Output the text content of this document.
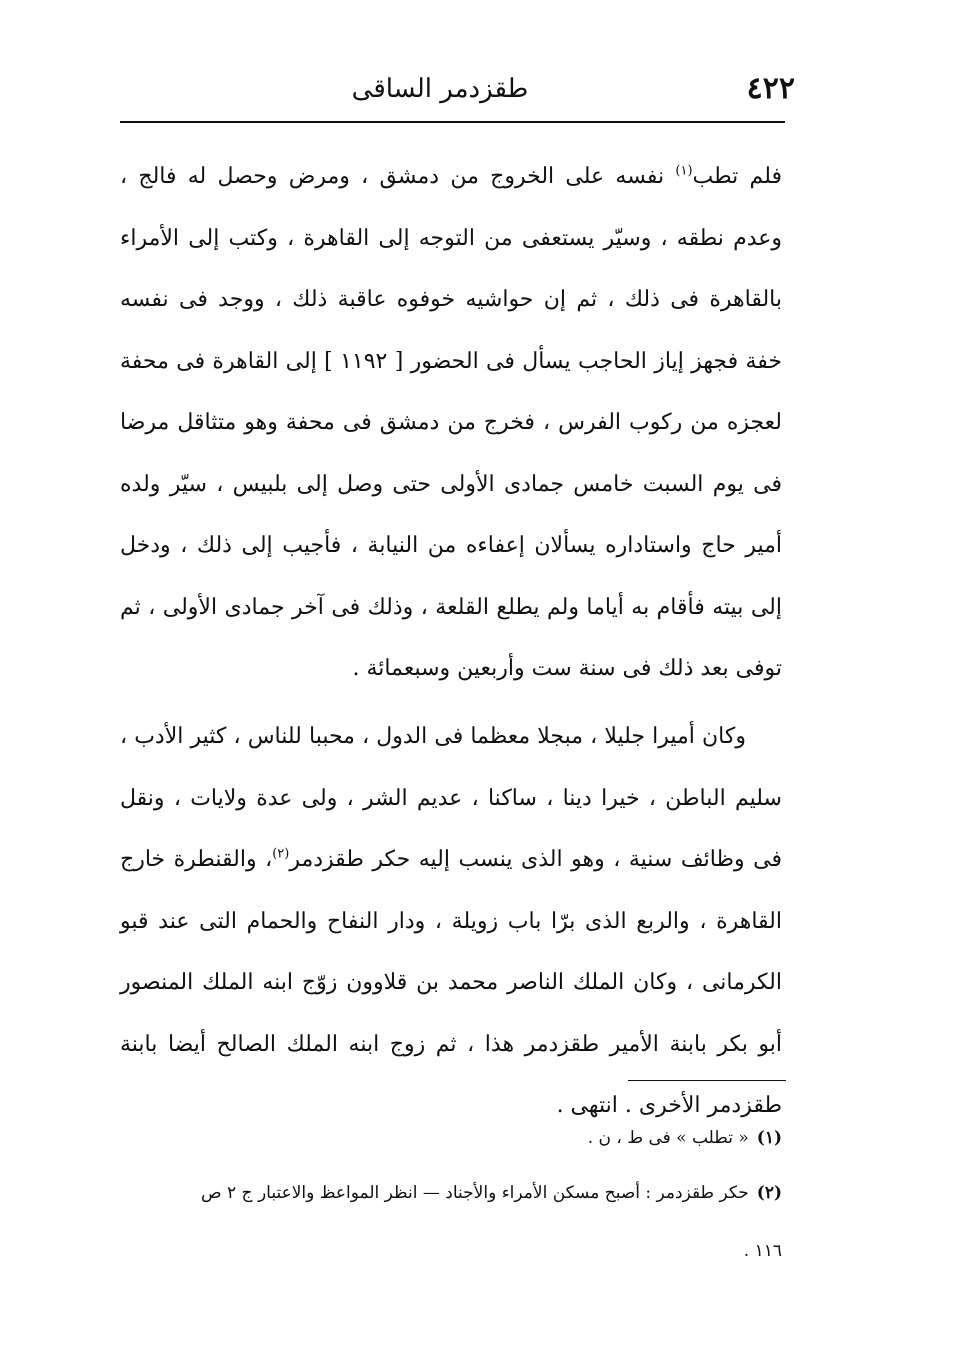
٤٢٢
طقزدمر الساقى

فلم تطب$^{(١)}$ نفسه على الخروج من دمشق ، ومرض وحصل له فالج ، وعدم نطقه ، وسيّر يستعفى من التوجه إلى القاهرة ، وكتب إلى الأمراء بالقاهرة فى ذلك ، ثم إن حواشيه خوفوه عاقبة ذلك ، ووجد فى نفسه خفة فجهز إياز الحاجب يسأل فى الحضور [ ١١٩٢ ] إلى القاهرة فى محفة لعجزه من ركوب الفرس ، فخرج من دمشق فى محفة وهو متثاقل مرضا فى يوم السبت خامس جمادى الأولى حتى وصل إلى بلبيس ، سيّر ولده أمير حاج واستاداره يسألان إعفاءه من النيابة ، فأجيب إلى ذلك ، ودخل إلى بيته فأقام به أياما ولم يطلع القلعة ، وذلك فى آخر جمادى الأولى ، ثم توفى بعد ذلك فى سنة ست وأربعين وسبعمائة .

وكان أميرا جليلا ، مبجلا معظما فى الدول ، محببا للناس ، كثير الأدب ، سليم الباطن ، خيرا دينا ، ساكنا ، عديم الشر ، ولى عدة ولايات ، ونقل فى وظائف سنية ، وهو الذى ينسب إليه حكر طقزدمر$^{(٢)}$، والقنطرة خارج القاهرة ، والربع الذى برّا باب زويلة ، ودار النفاح والحمام التى عند قبو الكرمانى ، وكان الملك الناصر محمد بن قلاوون زوّج ابنه الملك المنصور أبو بكر بابنة الأمير طقزدمر هذا ، ثم زوج ابنه الملك الصالح أيضا بابنة طقزدمر الأخرى . انتهى .

(١)« تطلب » فى ط ، ن .
(٢)حكر طقزدمر : أصبح مسكن الأمراء والأجناد — انظر المواعظ والاعتبار ج ٢ ص
١١٦ .
